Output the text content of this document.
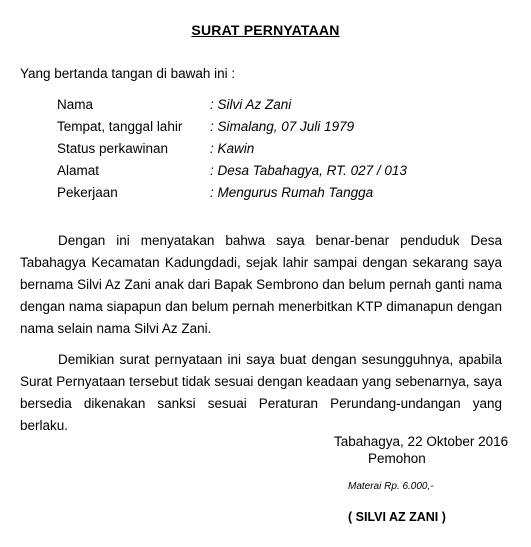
SURAT PERNYATAAN
Yang bertanda tangan di bawah ini :
Nama	: Silvi Az Zani
Tempat, tanggal lahir : Simalang, 07 Juli 1979
Status perkawinan	: Kawin
Alamat	: Desa Tabahagya, RT. 027 / 013
Pekerjaan	: Mengurus Rumah Tangga

Dengan ini menyatakan bahwa saya benar-benar penduduk Desa Tabahagya Kecamatan Kadungdadi, sejak lahir sampai dengan sekarang saya bernama Silvi Az Zani anak dari Bapak Sembrono dan belum pernah ganti nama dengan nama siapapun dan belum pernah menerbitkan KTP dimanapun dengan nama selain nama Silvi Az Zani.

Demikian surat pernyataan ini saya buat dengan sesungguhnya, apabila Surat Pernyataan tersebut tidak sesuai dengan keadaan yang sebenarnya, saya bersedia dikenakan sanksi sesuai Peraturan Perundang-undangan yang berlaku.

Tabahagya, 22 Oktober 2016
Pemohon
Materai Rp. 6.000,-
( SILVI AZ ZANI )
